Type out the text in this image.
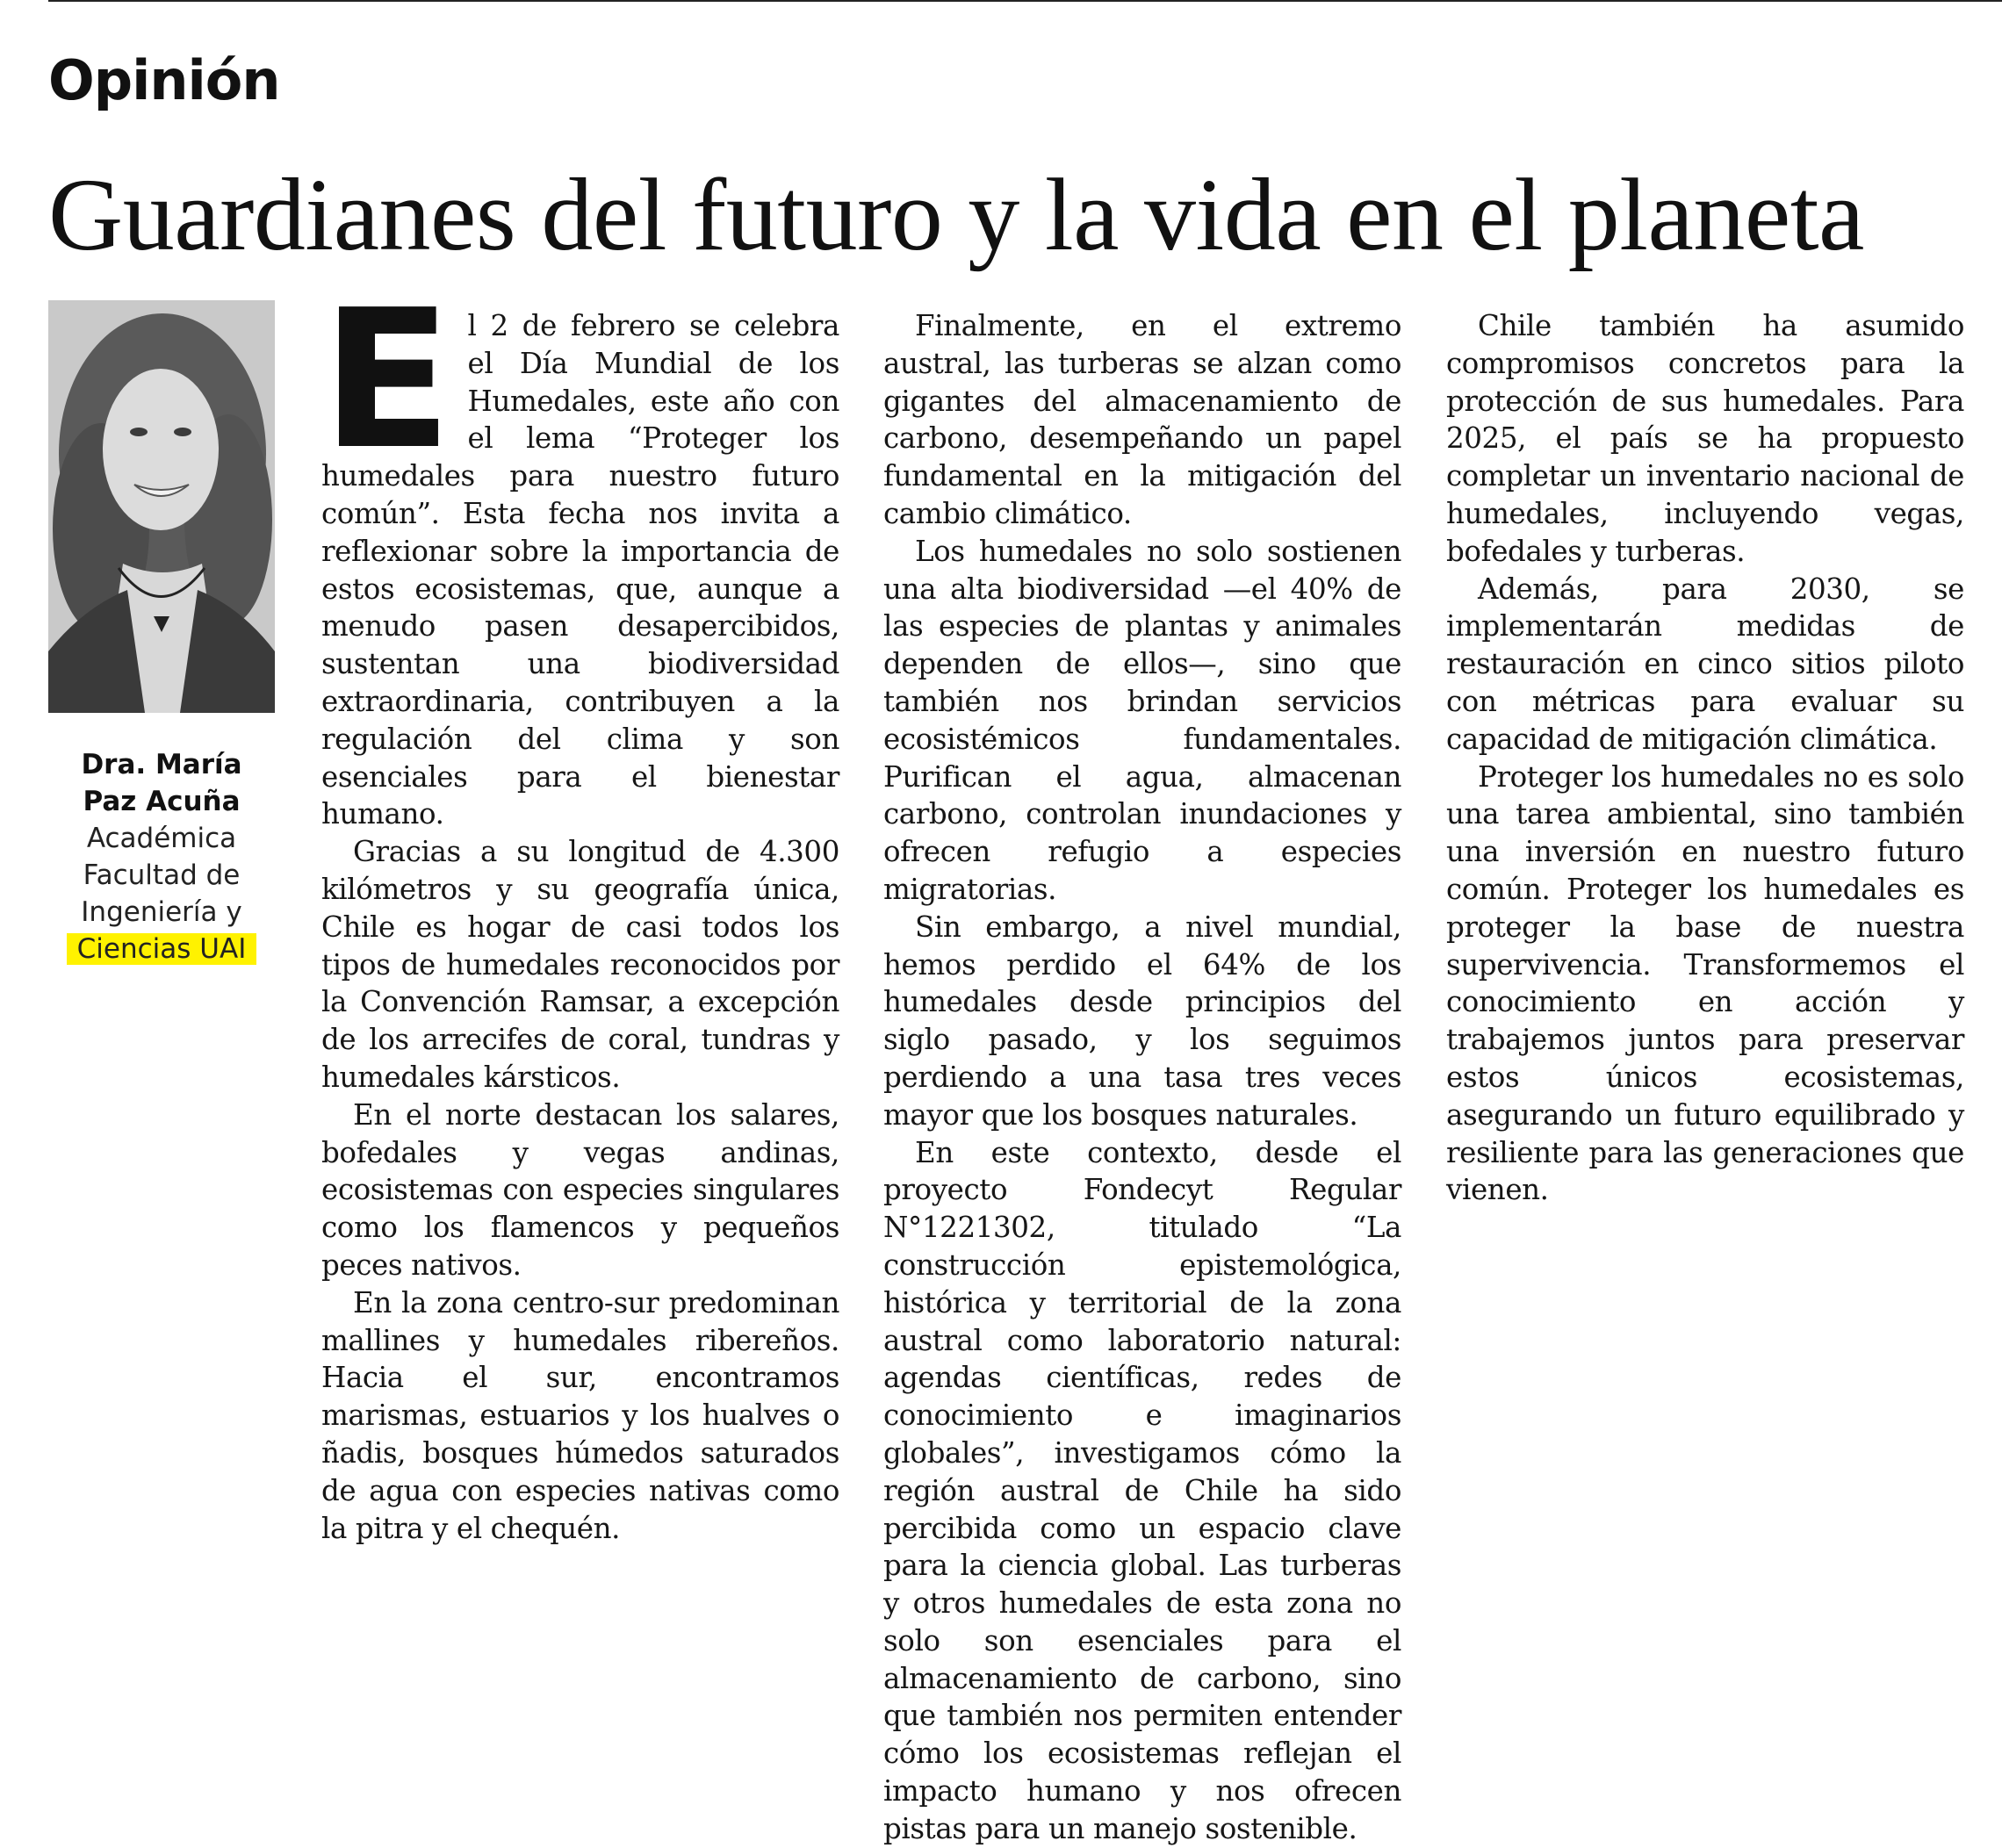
Opinión
Guardianes del futuro y la vida en el planeta
Dra. María
Paz Acuña
Académica
Facultad de
Ingeniería y
Ciencias UAI
E l 2 de febrero se celebra el Día Mundial de los Humedales, este año con el lema “Proteger los humedales para nuestro futuro común”. Esta fecha nos invita a reflexionar sobre la importancia de estos ecosistemas, que, aunque a menudo pasen desapercibidos, sustentan una biodiversidad extraordinaria, contribuyen a la regulación del clima y son esenciales para el bienestar humano.

Gracias a su longitud de 4.300 kilómetros y su geografía única, Chile es hogar de casi todos los tipos de humedales reconocidos por la Convención Ramsar, a excepción de los arrecifes de coral, tundras y humedales kársticos.

En el norte destacan los salares, bofedales y vegas andinas, ecosistemas con especies singulares como los flamencos y pequeños peces nativos.

En la zona centro-sur predominan mallines y humedales ribereños. Hacia el sur, encontramos marismas, estuarios y los hualves o ñadis, bosques húmedos saturados de agua con especies nativas como la pitra y el chequén.

Finalmente, en el extremo austral, las turberas se alzan como gigantes del almacenamiento de carbono, desempeñando un papel fundamental en la mitigación del cambio climático.

Los humedales no solo sostienen una alta biodiversidad —el 40% de las especies de plantas y animales dependen de ellos—, sino que también nos brindan servicios ecosistémicos fundamentales. Purifican el agua, almacenan carbono, controlan inundaciones y ofrecen refugio a especies migratorias.

Sin embargo, a nivel mundial, hemos perdido el 64% de los humedales desde principios del siglo pasado, y los seguimos perdiendo a una tasa tres veces mayor que los bosques naturales.

En este contexto, desde el proyecto Fondecyt Regular N°1221302, titulado “La construcción epistemológica, histórica y territorial de la zona austral como laboratorio natural: agendas científicas, redes de conocimiento e imaginarios globales”, investigamos cómo la región austral de Chile ha sido percibida como un espacio clave para la ciencia global. Las turberas y otros humedales de esta zona no solo son esenciales para el almacenamiento de carbono, sino que también nos permiten entender cómo los ecosistemas reflejan el impacto humano y nos ofrecen pistas para un manejo sostenible.

Chile también ha asumido compromisos concretos para la protección de sus humedales. Para 2025, el país se ha propuesto completar un inventario nacional de humedales, incluyendo vegas, bofedales y turberas.

Además, para 2030, se implementarán medidas de restauración en cinco sitios piloto con métricas para evaluar su capacidad de mitigación climática.

Proteger los humedales no es solo una tarea ambiental, sino también una inversión en nuestro futuro común. Proteger los humedales es proteger la base de nuestra supervivencia. Transformemos el conocimiento en acción y trabajemos juntos para preservar estos únicos ecosistemas, asegurando un futuro equilibrado y resiliente para las generaciones que vienen.
